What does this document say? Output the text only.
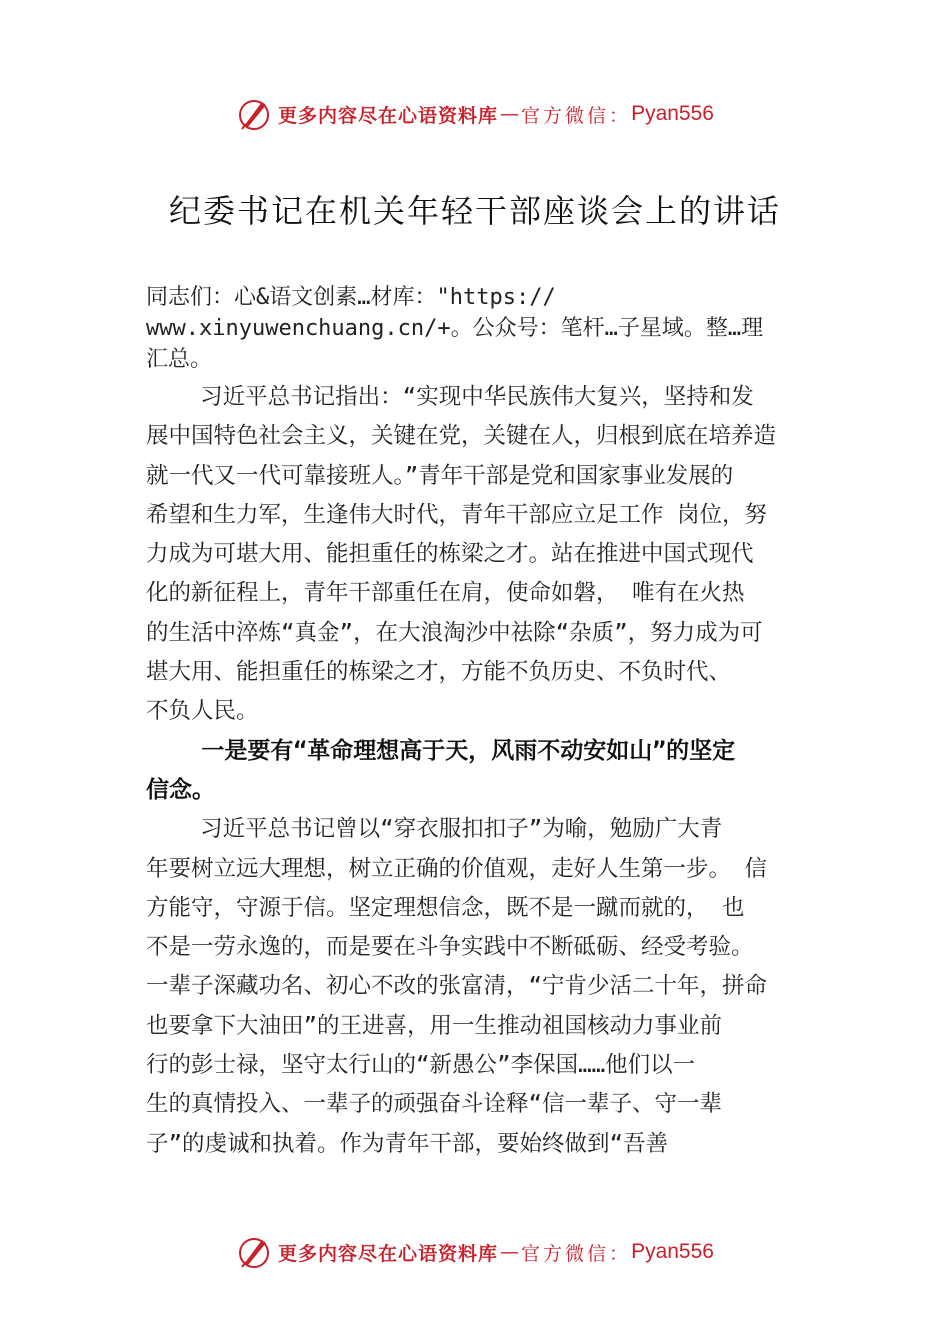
更多内容尽在心语资料库 — 官方微信： Pyan556
纪委书记在机关年轻干部座谈会上的讲话
同志们：心&语文创素…材库："https://
www.xinyuwenchuang.cn/+。公众号：笔杆…子星域。整…理
汇总。
习近平总书记指出：“实现中华民族伟大复兴，坚持和发
展中国特色社会主义，关键在党，关键在人，归根到底在培养造
就一代又一代可靠接班人。”青年干部是党和国家事业发展的
希望和生力军，生逢伟大时代，青年干部应立足工作 岗位，努
力成为可堪大用、能担重任的栋梁之才。站在推进中国式现代
化的新征程上，青年干部重任在肩，使命如磐， 唯有在火热
的生活中淬炼“真金”，在大浪淘沙中祛除“杂质”，努力成为可
堪大用、能担重任的栋梁之才，方能不负历史、不负时代、
不负人民。
一是要有“革命理想高于天，风雨不动安如山”的坚定
信念。
习近平总书记曾以“穿衣服扣扣子”为喻，勉励广大青
年要树立远大理想，树立正确的价值观，走好人生第一步。 信
方能守，守源于信。坚定理想信念，既不是一蹴而就的， 也
不是一劳永逸的，而是要在斗争实践中不断砥砺、经受考验。
一辈子深藏功名、初心不改的张富清，“宁肯少活二十年，拼命
也要拿下大油田”的王进喜，用一生推动祖国核动力事业前
行的彭士禄，坚守太行山的“新愚公”李保国……他们以一
生的真情投入、一辈子的顽强奋斗诠释“信一辈子、守一辈
子”的虔诚和执着。作为青年干部，要始终做到“吾善
更多内容尽在心语资料库 — 官方微信： Pyan556
